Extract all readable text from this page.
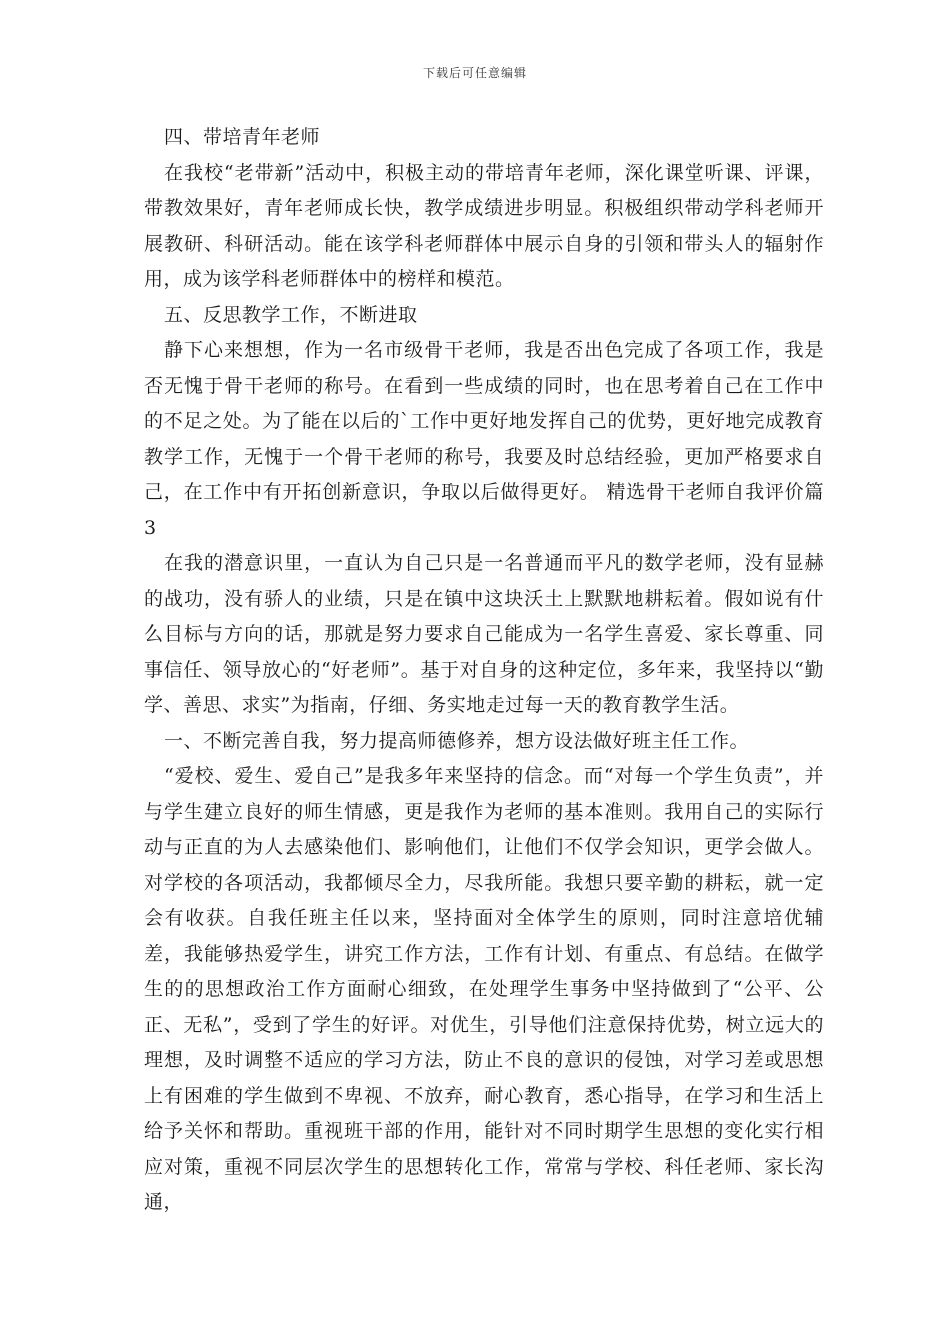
下载后可任意编辑

四、带培青年老师

在我校“老带新”活动中，积极主动的带培青年老师，深化课堂听课、评课，带教效果好，青年老师成长快，教学成绩进步明显。积极组织带动学科老师开展教研、科研活动。能在该学科老师群体中展示自身的引领和带头人的辐射作用，成为该学科老师群体中的榜样和模范。

五、反思教学工作，不断进取

静下心来想想，作为一名市级骨干老师，我是否出色完成了各项工作，我是否无愧于骨干老师的称号。在看到一些成绩的同时，也在思考着自己在工作中的不足之处。为了能在以后的`工作中更好地发挥自己的优势，更好地完成教育教学工作，无愧于一个骨干老师的称号，我要及时总结经验，更加严格要求自己，在工作中有开拓创新意识，争取以后做得更好。 精选骨干老师自我评价篇3

在我的潜意识里，一直认为自己只是一名普通而平凡的数学老师，没有显赫的战功，没有骄人的业绩，只是在镇中这块沃土上默默地耕耘着。假如说有什么目标与方向的话，那就是努力要求自己能成为一名学生喜爱、家长尊重、同事信任、领导放心的“好老师”。基于对自身的这种定位，多年来，我坚持以“勤学、善思、求实”为指南，仔细、务实地走过每一天的教育教学生活。

一、不断完善自我，努力提高师德修养，想方设法做好班主任工作。

“爱校、爱生、爱自己”是我多年来坚持的信念。而“对每一个学生负责”，并与学生建立良好的师生情感，更是我作为老师的基本准则。我用自己的实际行动与正直的为人去感染他们、影响他们，让他们不仅学会知识，更学会做人。对学校的各项活动，我都倾尽全力，尽我所能。我想只要辛勤的耕耘，就一定会有收获。自我任班主任以来，坚持面对全体学生的原则，同时注意培优辅差，我能够热爱学生，讲究工作方法，工作有计划、有重点、有总结。在做学生的的思想政治工作方面耐心细致，在处理学生事务中坚持做到了“公平、公正、无私”，受到了学生的好评。对优生，引导他们注意保持优势，树立远大的理想，及时调整不适应的学习方法，防止不良的意识的侵蚀，对学习差或思想上有困难的学生做到不卑视、不放弃，耐心教育，悉心指导，在学习和生活上给予关怀和帮助。重视班干部的作用，能针对不同时期学生思想的变化实行相应对策，重视不同层次学生的思想转化工作，常常与学校、科任老师、家长沟通，
